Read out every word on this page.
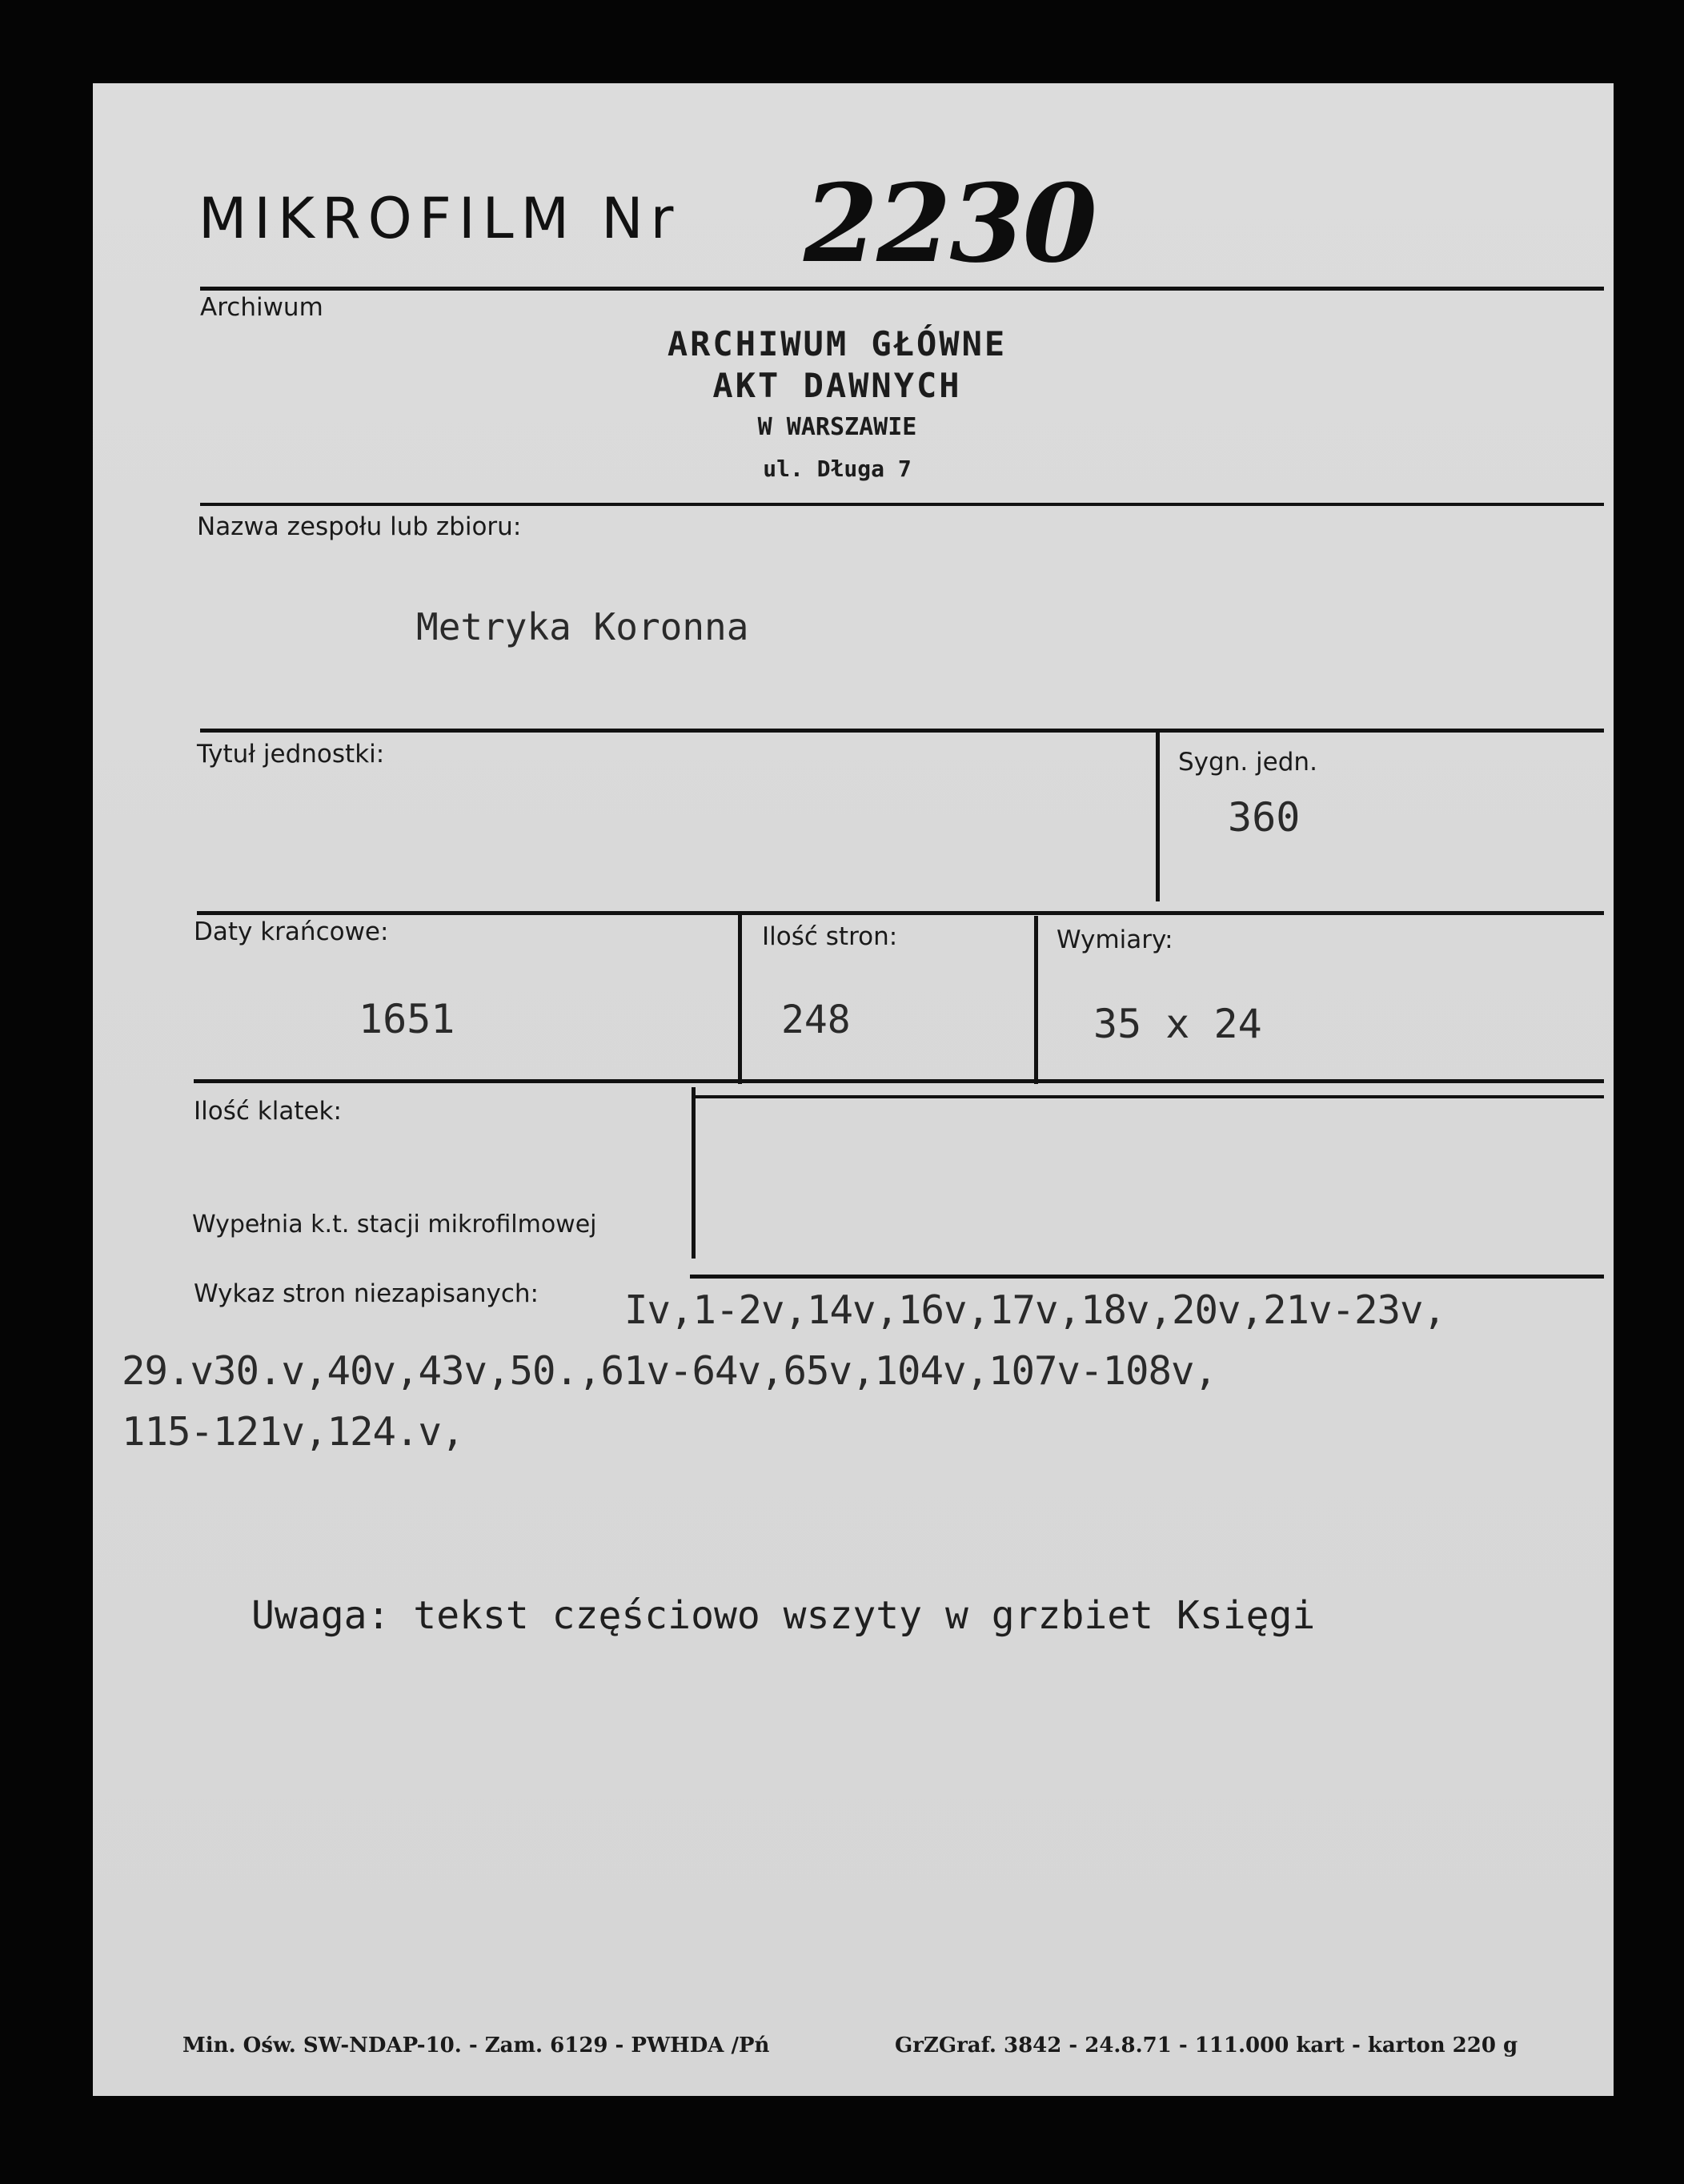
MIKROFILM Nr 2230
Archiwum
ARCHIWUM GŁÓWNE
AKT DAWNYCH
W WARSZAWIE
ul. Długa 7
Nazwa zespołu lub zbioru:
Metryka Koronna
Tytuł jednostki:	Sygn. jedn.
360
Daty krańcowe:
1651
Ilość stron:
248
Wymiary:
35 x 24
Ilość klatek:
Wypełnia k.t. stacji mikrofilmowej
Wykaz stron niezapisanych: Iv,1-2v,14v,16v,17v,18v,20v,21v-23v,
29.v30.v,40v,43v,50.,61v-64v,65v,104v,107v-108v,
115-121v,124.v,
Uwaga: tekst częściowo wszyty w grzbiet Księgi
Min. Ośw. SW-NDAP-10. - Zam. 6129 - PWHDA /Pń	GrZGraf. 3842 - 24.8.71 - 111.000 kart - karton 220 g
